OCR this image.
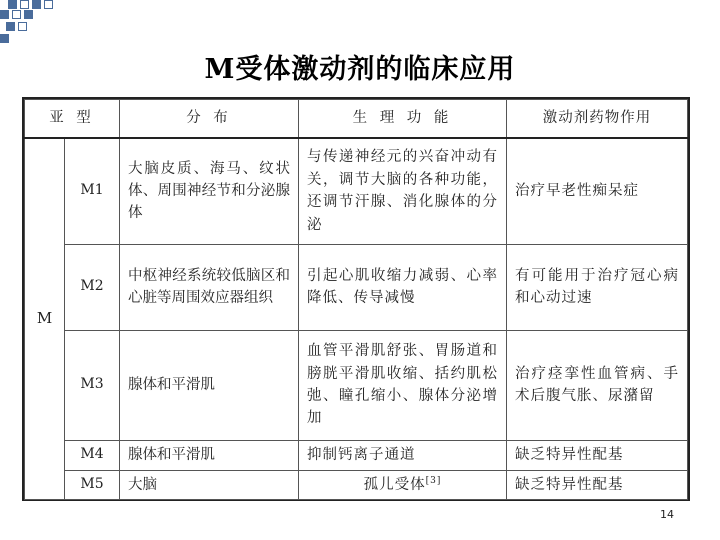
M受体激动剂的临床应用
亚 型		分 布	生 理 功 能	激动剂药物作用
M	M1	大脑皮质、海马、纹状体、周围神经节和分泌腺体	与传递神经元的兴奋冲动有关，调节大脑的各种功能，还调节汗腺、消化腺体的分泌	治疗早老性痴呆症
	M2	中枢神经系统较低脑区和心脏等周围效应器组织	引起心肌收缩力减弱、心率降低、传导减慢	有可能用于治疗冠心病和心动过速
	M3	腺体和平滑肌	血管平滑肌舒张、胃肠道和膀胱平滑肌收缩、括约肌松弛、瞳孔缩小、腺体分泌增加	治疗痉挛性血管病、手术后腹气胀、尿潴留
	M4	腺体和平滑肌	抑制钙离子通道	缺乏特异性配基
	M5	大脑	孤儿受体[3]	缺乏特异性配基
14
